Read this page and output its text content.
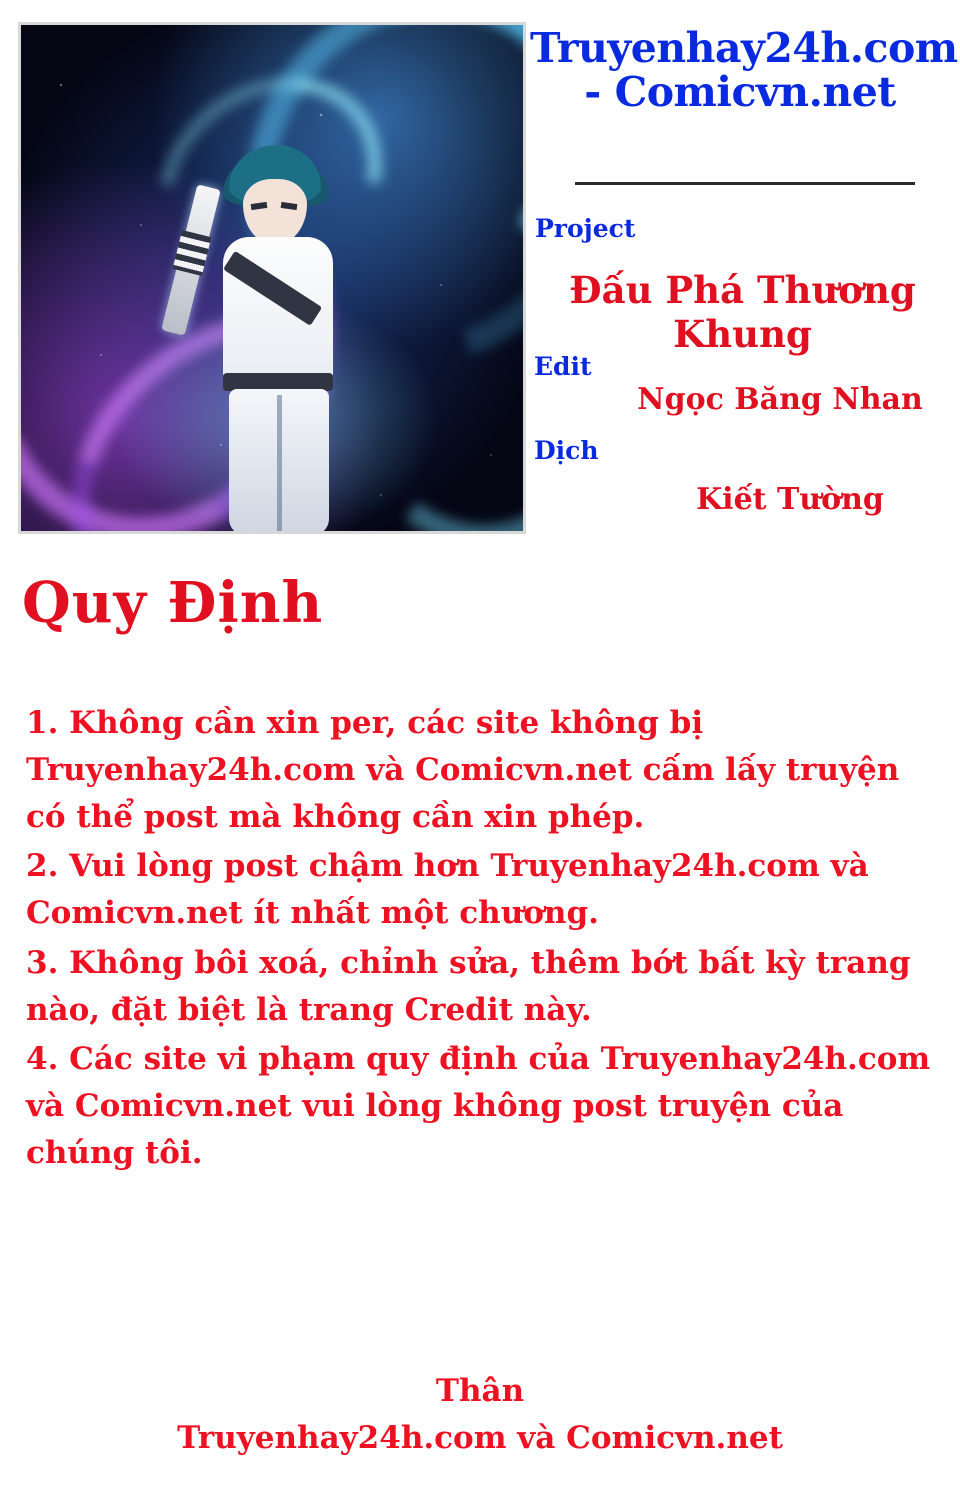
Truyenhay24h.com
- Comicvn.net
Project
Đấu Phá Thương Khung
Edit
Ngọc Băng Nhan
Dịch
Kiết Tường
Quy Định

1. Không cần xin per, các site không bị Truyenhay24h.com và Comicvn.net cấm lấy truyện có thể post mà không cần xin phép.

2. Vui lòng post chậm hơn Truyenhay24h.com và Comicvn.net ít nhất một chương.

3. Không bôi xoá, chỉnh sửa, thêm bớt bất kỳ trang nào, đặt biệt là trang Credit này.

4. Các site vi phạm quy định của Truyenhay24h.com và Comicvn.net vui lòng không post truyện của chúng tôi.

Thân
Truyenhay24h.com và Comicvn.net
